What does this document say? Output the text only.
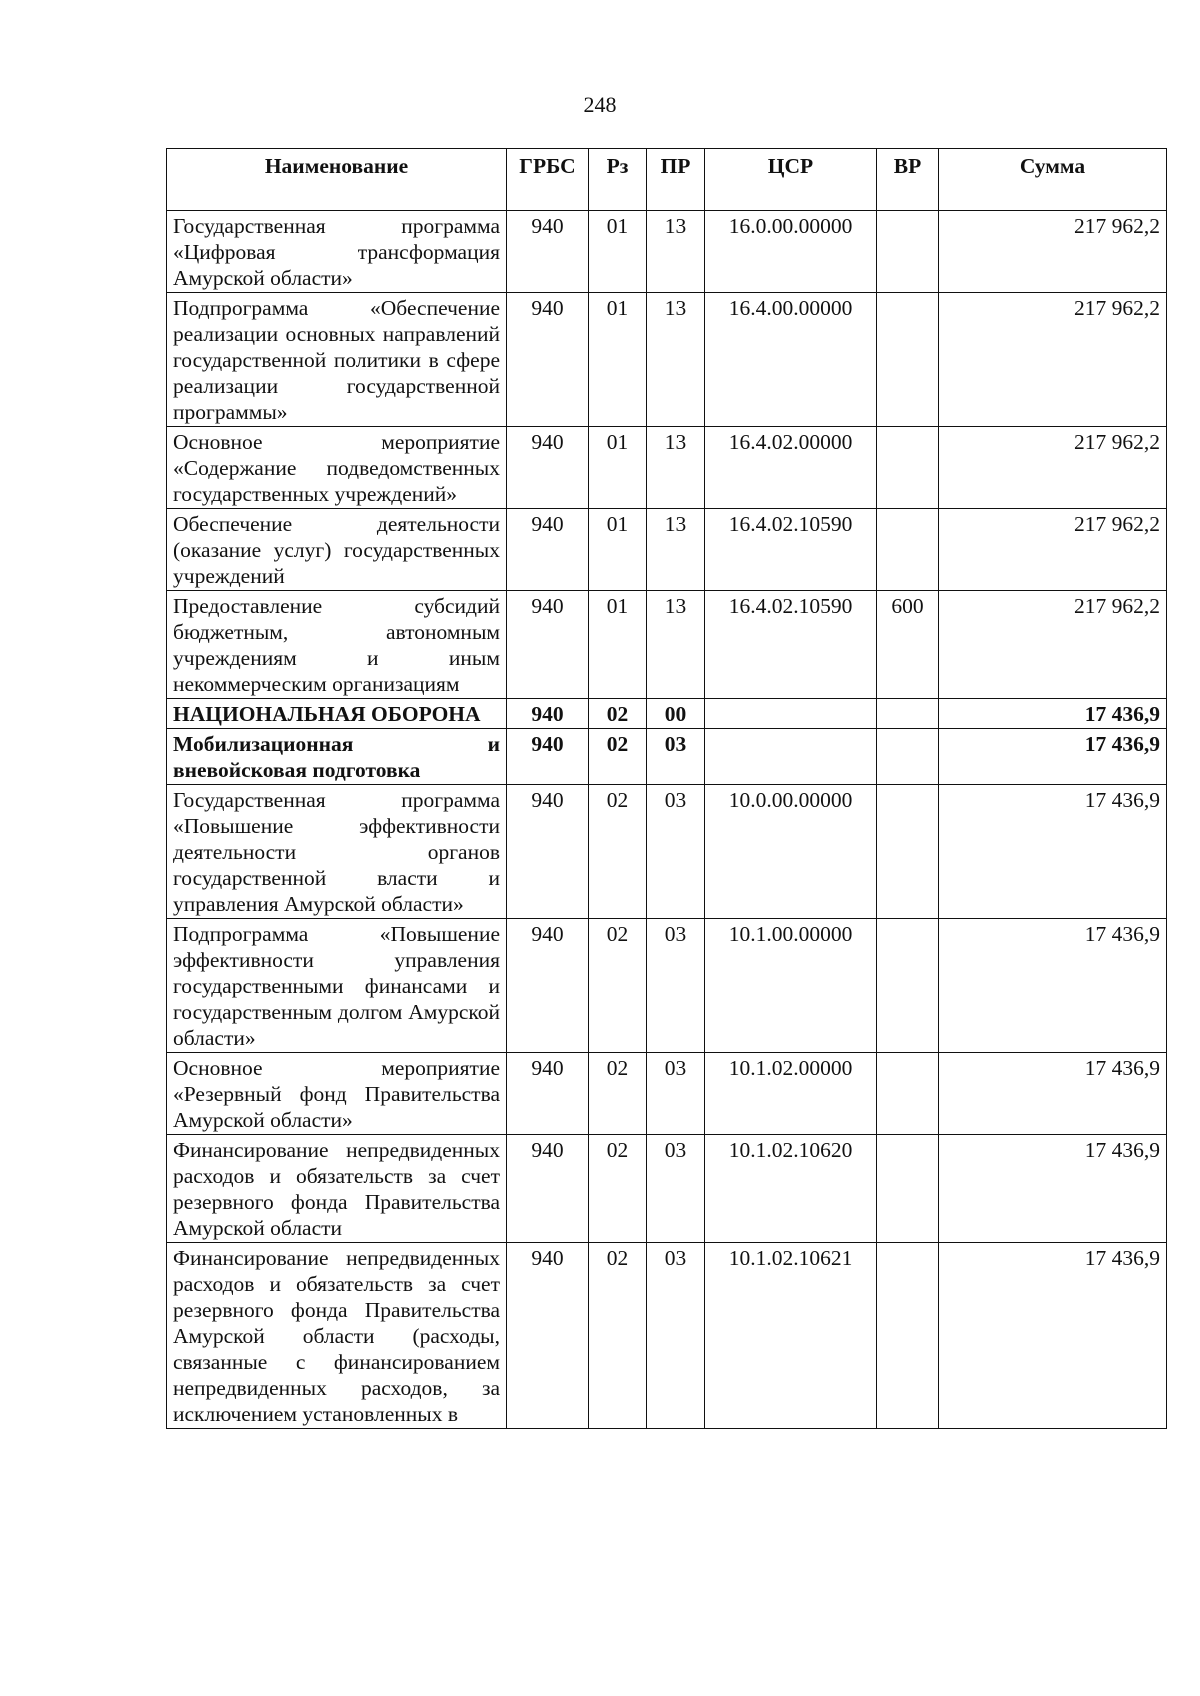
248
Наименование	ГРБС	Рз	ПР	ЦСР	ВР	Сумма
Государственная программа «Цифровая трансформация Амурской области»	940	01	13	16.0.00.00000		217 962,2
Подпрограмма «Обеспечение реализации основных направлений государственной политики в сфере реализации государственной программы»	940	01	13	16.4.00.00000		217 962,2
Основное мероприятие «Содержание подведомственных государственных учреждений»	940	01	13	16.4.02.00000		217 962,2
Обеспечение деятельности (оказание услуг) государственных учреждений	940	01	13	16.4.02.10590		217 962,2
Предоставление субсидий бюджетным, автономным учреждениям и иным некоммерческим организациям	940	01	13	16.4.02.10590	600	217 962,2
НАЦИОНАЛЬНАЯ ОБОРОНА	940	02	00			17 436,9
Мобилизационная и вневойсковая подготовка	940	02	03			17 436,9
Государственная программа «Повышение эффективности деятельности органов государственной власти и управления Амурской области»	940	02	03	10.0.00.00000		17 436,9
Подпрограмма «Повышение эффективности управления государственными финансами и государственным долгом Амурской области»	940	02	03	10.1.00.00000		17 436,9
Основное мероприятие «Резервный фонд Правительства Амурской области»	940	02	03	10.1.02.00000		17 436,9
Финансирование непредвиденных расходов и обязательств за счет резервного фонда Правительства Амурской области	940	02	03	10.1.02.10620		17 436,9
Финансирование непредвиденных расходов и обязательств за счет резервного фонда Правительства Амурской области (расходы, связанные с финансированием непредвиденных расходов, за исключением установленных в	940	02	03	10.1.02.10621		17 436,9
